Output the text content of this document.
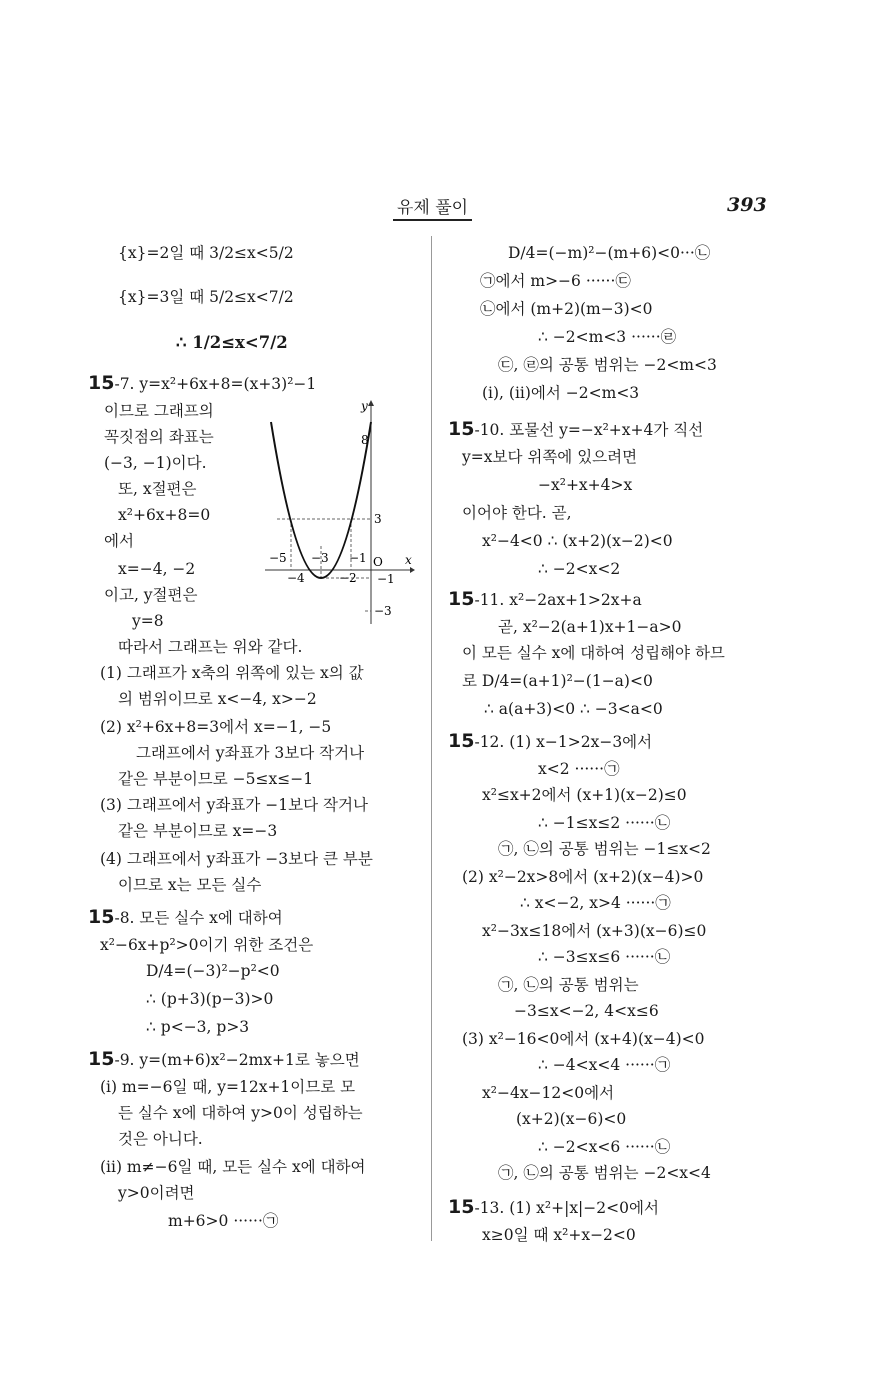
유제 풀이	393
{x}=2일 때 3/2≤x<5/2
{x}=3일 때 5/2≤x<7/2
∴ 1/2≤x<7/2
15-7. y=x²+6x+8=(x+3)²−1
이므로 그래프의
꼭짓점의 좌표는
(−3, −1)이다.
또, x절편은
x²+6x+8=0
에서
x=−4, −2
이고, y절편은
y=8
따라서 그래프는 위와 같다.
(1) 그래프가 x축의 위쪽에 있는 x의 값
의 범위이므로 x<−4, x>−2
(2) x²+6x+8=3에서 x=−1, −5
그래프에서 y좌표가 3보다 작거나
같은 부분이므로 −5≤x≤−1
(3) 그래프에서 y좌표가 −1보다 작거나
같은 부분이므로 x=−3
(4) 그래프에서 y좌표가 −3보다 큰 부분
이므로 x는 모든 실수
15-8. 모든 실수 x에 대하여
x²−6x+p²>0이기 위한 조건은
D/4=(−3)²−p²<0
∴ (p+3)(p−3)>0
∴ p<−3, p>3
15-9. y=(m+6)x²−2mx+1로 놓으면
(i) m=−6일 때, y=12x+1이므로 모
든 실수 x에 대하여 y>0이 성립하는
것은 아니다.
(ii) m≠−6일 때, 모든 실수 x에 대하여
y>0이려면
m+6>0 ······㉠
D/4=(−m)²−(m+6)<0···㉡
㉠에서 m>−6 ······㉢
㉡에서 (m+2)(m−3)<0
∴ −2<m<3 ······㉣
㉢, ㉣의 공통 범위는 −2<m<3
(i), (ii)에서 −2<m<3
15-10. 포물선 y=−x²+x+4가 직선
y=x보다 위쪽에 있으려면
−x²+x+4>x
이어야 한다. 곧,
x²−4<0 ∴ (x+2)(x−2)<0
∴ −2<x<2
15-11. x²−2ax+1>2x+a
곧, x²−2(a+1)x+1−a>0
이 모든 실수 x에 대하여 성립해야 하므
로 D/4=(a+1)²−(1−a)<0
∴ a(a+3)<0 ∴ −3<a<0
15-12. (1) x−1>2x−3에서
x<2 ······㉠
x²≤x+2에서 (x+1)(x−2)≤0
∴ −1≤x≤2 ······㉡
㉠, ㉡의 공통 범위는 −1≤x<2
(2) x²−2x>8에서 (x+2)(x−4)>0
∴ x<−2, x>4 ······㉠
x²−3x≤18에서 (x+3)(x−6)≤0
∴ −3≤x≤6 ······㉡
㉠, ㉡의 공통 범위는
−3≤x<−2, 4<x≤6
(3) x²−16<0에서 (x+4)(x−4)<0
∴ −4<x<4 ······㉠
x²−4x−12<0에서
(x+2)(x−6)<0
∴ −2<x<6 ······㉡
㉠, ㉡의 공통 범위는 −2<x<4
15-13. (1) x²+|x|−2<0에서
x≥0일 때 x²+x−2<0
y
x
O
8
3
−1
−3
−5 −3 −1
−4	−2
